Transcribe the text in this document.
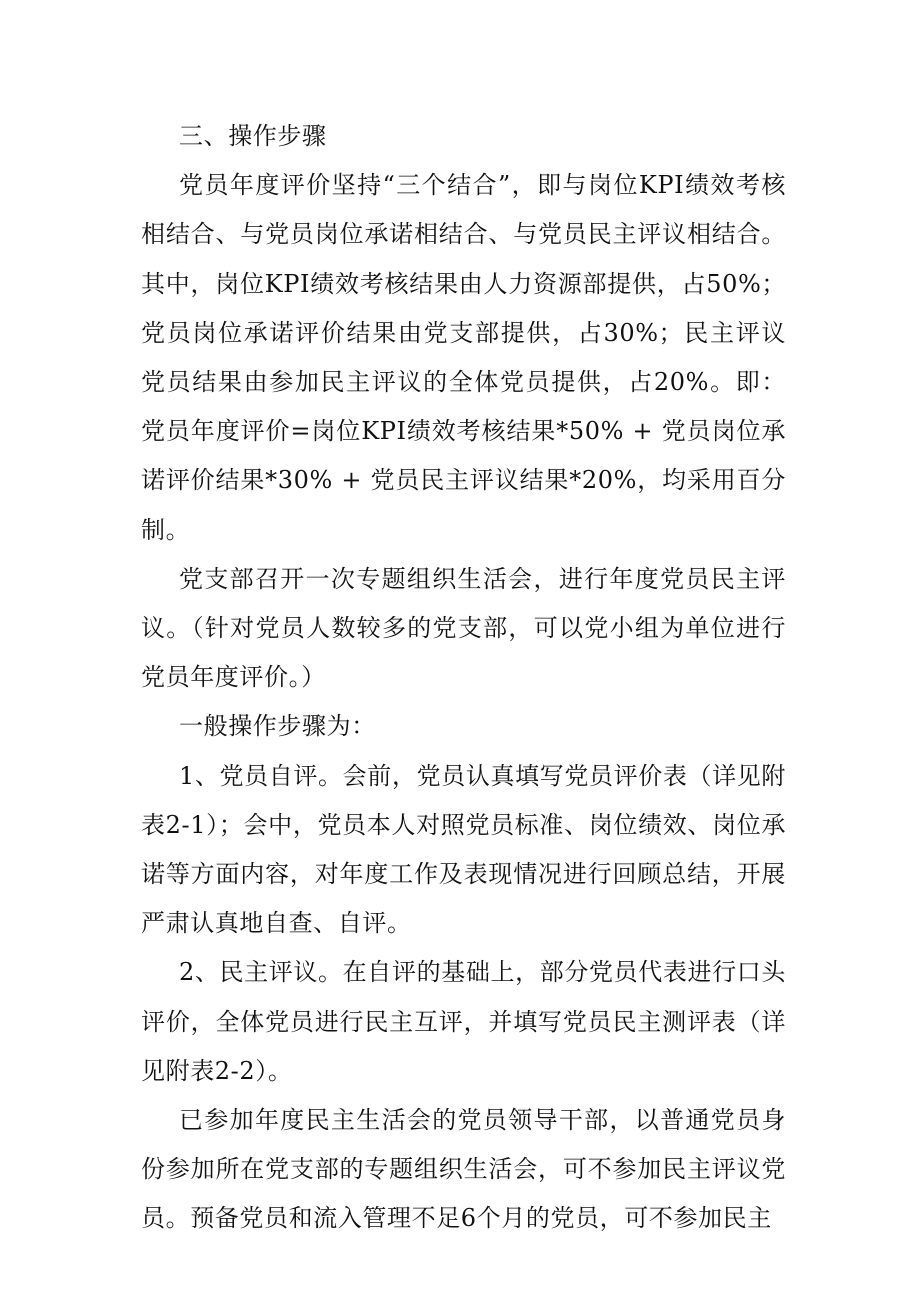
三、操作步骤

党员年度评价坚持“三个结合”，即与岗位KPI绩效考核相结合、与党员岗位承诺相结合、与党员民主评议相结合。其中，岗位KPI绩效考核结果由人力资源部提供，占50%；党员岗位承诺评价结果由党支部提供，占30%；民主评议党员结果由参加民主评议的全体党员提供，占20%。即：党员年度评价=岗位KPI绩效考核结果*50% + 党员岗位承诺评价结果*30% + 党员民主评议结果*20%，均采用百分制。

党支部召开一次专题组织生活会，进行年度党员民主评议。（针对党员人数较多的党支部，可以党小组为单位进行党员年度评价。）

一般操作步骤为：

1、党员自评。会前，党员认真填写党员评价表（详见附表2-1）；会中，党员本人对照党员标准、岗位绩效、岗位承诺等方面内容，对年度工作及表现情况进行回顾总结，开展严肃认真地自查、自评。

2、民主评议。在自评的基础上，部分党员代表进行口头评价，全体党员进行民主互评，并填写党员民主测评表（详见附表2-2）。

已参加年度民主生活会的党员领导干部，以普通党员身份参加所在党支部的专题组织生活会，可不参加民主评议党员。预备党员和流入管理不足6个月的党员，可不参加民主
